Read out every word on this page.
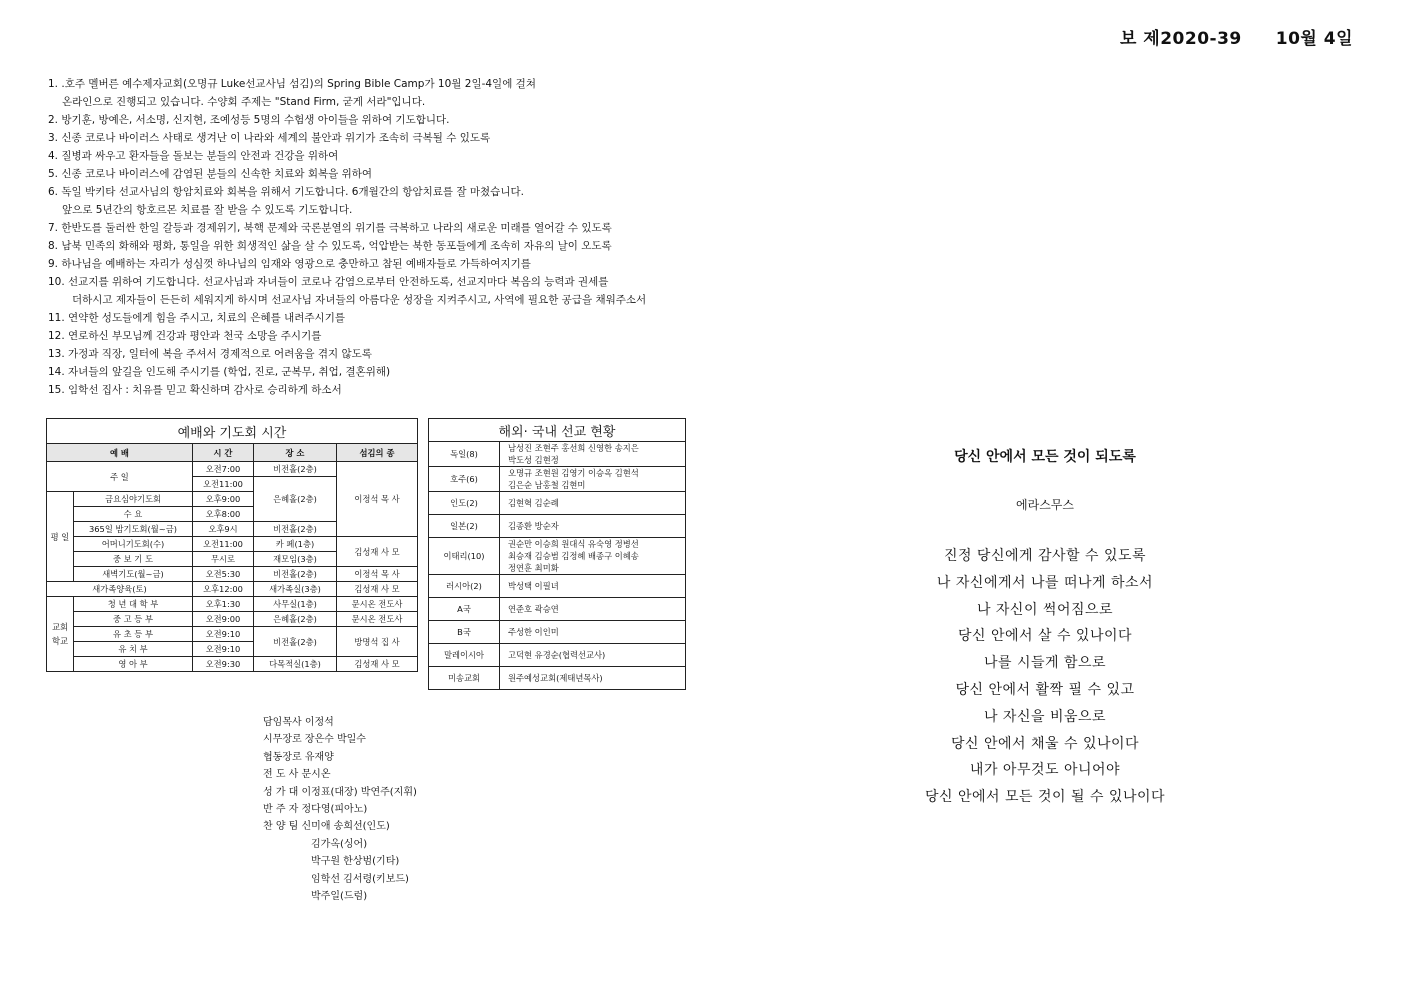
보 제2020-39 10월 4일
1. .호주 멜버른 예수제자교회(오명규 Luke선교사님 섬김)의 Spring Bible Camp가 10월 2일-4일에 걸쳐
온라인으로 진행되고 있습니다. 수양회 주제는 "Stand Firm, 굳게 서라"입니다.
2. 방기훈, 방예은, 서소명, 신지현, 조예성등 5명의 수험생 아이들을 위하여 기도합니다.
3. 신종 코로나 바이러스 사태로 생겨난 이 나라와 세계의 불안과 위기가 조속히 극복될 수 있도록
4. 질병과 싸우고 환자들을 돌보는 분들의 안전과 건강을 위하여
5. 신종 코로나 바이러스에 감염된 분들의 신속한 치료와 회복을 위하여
6. 독일 박키타 선교사님의 항암치료와 회복을 위해서 기도합니다. 6개월간의 항암치료를 잘 마쳤습니다.
앞으로 5년간의 항호르몬 치료를 잘 받을 수 있도록 기도합니다.
7. 한반도를 둘러싼 한일 갈등과 경제위기, 북핵 문제와 국론분열의 위기를 극복하고 나라의 새로운 미래를 열어갈 수 있도록
8. 남북 민족의 화해와 평화, 통일을 위한 희생적인 삶을 살 수 있도록, 억압받는 북한 동포들에게 조속히 자유의 날이 오도록
9. 하나님을 예배하는 자리가 성심껏 하나님의 임재와 영광으로 충만하고 참된 예배자들로 가득하여지기를
10. 선교지를 위하여 기도합니다. 선교사님과 자녀들이 코로나 감염으로부터 안전하도록, 선교지마다 복음의 능력과 권세를
더하시고 제자들이 든든히 세워지게 하시며 선교사님 자녀들의 아름다운 성장을 지켜주시고, 사역에 필요한 공급을 채워주소서
11. 연약한 성도들에게 힘을 주시고, 치료의 은혜를 내려주시기를
12. 연로하신 부모님께 건강과 평안과 천국 소망을 주시기를
13. 가정과 직장, 일터에 복을 주셔서 경제적으로 어려움을 겪지 않도록
14. 자녀들의 앞길을 인도해 주시기를 (학업, 진로, 군복무, 취업, 결혼위해)
15. 임학선 집사 : 치유를 믿고 확신하며 감사로 승리하게 하소서
예배와 기도회 시간				
예 배		시 간	장 소	섬김의 종
주 일		오전7:00	비전홀(2층)	이정석 목 사
		오전11:00	은혜홀(2층)	
평 일	금요심야기도회	오후9:00		
	수 요	오후8:00		
	365일 밤기도회(월~금)	오후9시	비전홀(2층)	
	어머니기도회(수)	오전11:00	카 페(1층)	김성재 사 모
	중 보 기 도	무시로	재모임(3층)	
	새벽기도(월~금)	오전5:30	비전홀(2층)	이정석 목 사
새가족양육(토)		오후12:00	새가족실(3층)	김성재 사 모
교회학교	청 년 대 학 부	오후1:30	사무실(1층)	문시온 전도사
	중 고 등 부	오전9:00	은혜홀(2층)	문시온 전도사
	유 초 등 부	오전9:10	비전홀(2층)	방명석 집 사
	유 치 부	오전9:10		
	영 아 부	오전9:30	다목적실(1층)	김성재 사 모
해외· 국내 선교 현황	
독일(8)	남성진 조현주 홍선희 신영한 송지은
박도성 김현정

호주(6)	오명규 조현원 김영기 이승옥 김현석
김은순 남홍철 김현미

인도(2)	김현혁 김순례

일본(2)	김종환 방순자

이태리(10)	권순만 이승희 원대식 유숙영 정병선
최승재 김승범 김정혜 배종구 이혜송
정연훈 최미화

러시아(2)	박성택 이필녀

A국	연준호 곽승연

B국	주성한 이인미

말레이시아	고덕현 유경순(협력선교사)

미송교회	원주예성교회(제태년목사)
담임목사 이정석
시무장로 장은수 박일수
협동장로 유재양
전 도 사 문시온
성 가 대 이정표(대장) 박연주(지휘)
반 주 자 정다영(피아노)
찬 양 팀 신미애 송희선(인도)
김가옥(싱어)
박구원 한상범(기타)
임학선 김서령(키보드)
박주일(드럼)
당신 안에서 모든 것이 되도록
에라스무스
진정 당신에게 감사할 수 있도록
나 자신에게서 나를 떠나게 하소서
나 자신이 썩어짐으로
당신 안에서 살 수 있나이다
나를 시들게 함으로
당신 안에서 활짝 필 수 있고
나 자신을 비움으로
당신 안에서 채울 수 있나이다
내가 아무것도 아니어야
당신 안에서 모든 것이 될 수 있나이다
